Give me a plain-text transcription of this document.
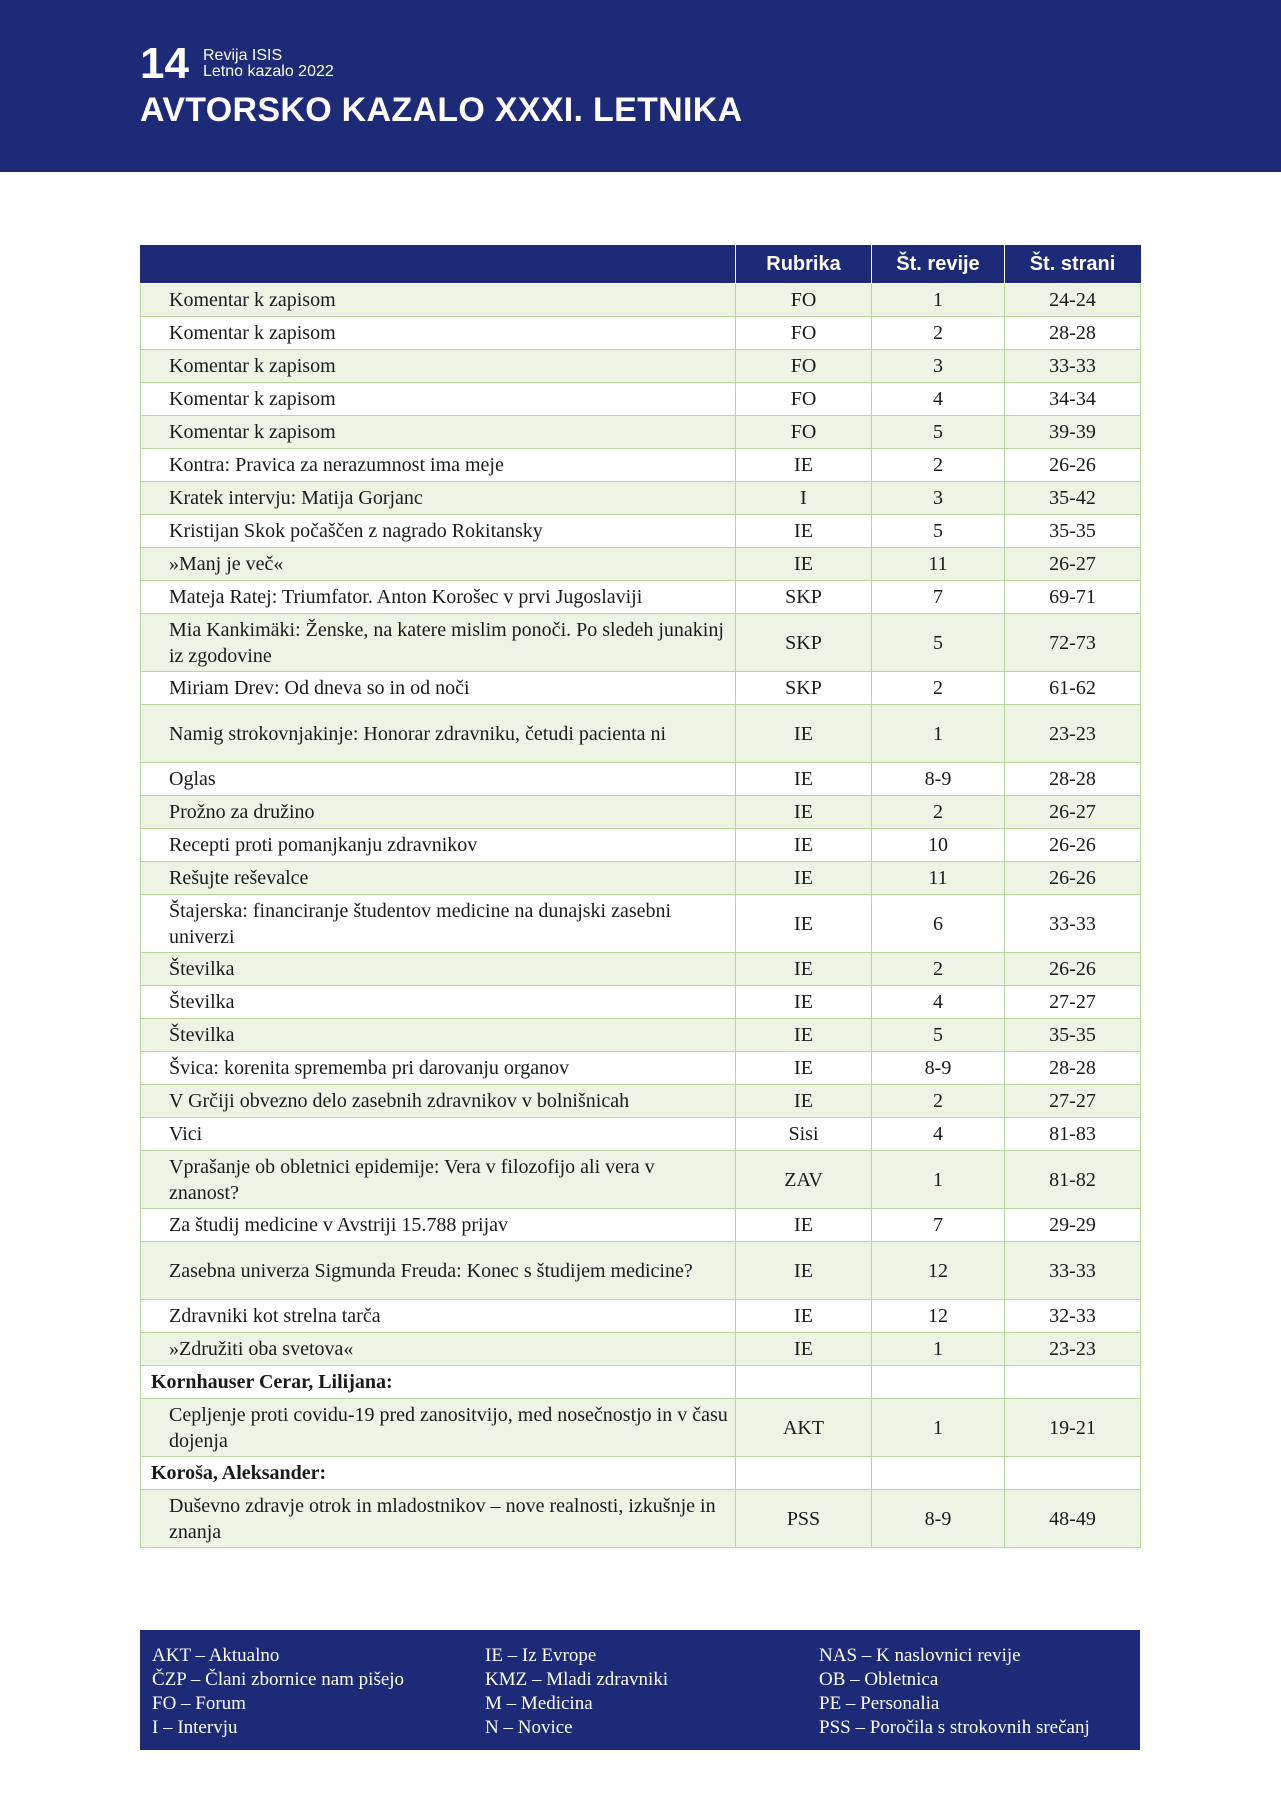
14 Revija ISIS
Letno kazalo 2022
AVTORSKO KAZALO XXXI. LETNIKA
	Rubrika	Št. revije	Št. strani
Komentar k zapisom	FO	1	24-24
Komentar k zapisom	FO	2	28-28
Komentar k zapisom	FO	3	33-33
Komentar k zapisom	FO	4	34-34
Komentar k zapisom	FO	5	39-39
Kontra: Pravica za nerazumnost ima meje	IE	2	26-26
Kratek intervju: Matija Gorjanc	I	3	35-42
Kristijan Skok počaščen z nagrado Rokitansky	IE	5	35-35
»Manj je več«	IE	11	26-27
Mateja Ratej: Triumfator. Anton Korošec v prvi Jugoslaviji	SKP	7	69-71
Mia Kankimäki: Ženske, na katere mislim ponoči. Po sledeh junakinj iz zgodovine	SKP	5	72-73
Miriam Drev: Od dneva so in od noči	SKP	2	61-62
Namig strokovnjakinje: Honorar zdravniku, četudi pacienta ni	IE	1	23-23
Oglas	IE	8-9	28-28
Prožno za družino	IE	2	26-27
Recepti proti pomanjkanju zdravnikov	IE	10	26-26
Rešujte reševalce	IE	11	26-26
Štajerska: financiranje študentov medicine na dunajski zasebni univerzi	IE	6	33-33
Številka	IE	2	26-26
Številka	IE	4	27-27
Številka	IE	5	35-35
Švica: korenita sprememba pri darovanju organov	IE	8-9	28-28
V Grčiji obvezno delo zasebnih zdravnikov v bolnišnicah	IE	2	27-27
Vici	Sisi	4	81-83
Vprašanje ob obletnici epidemije: Vera v filozofijo ali vera v znanost?	ZAV	1	81-82
Za študij medicine v Avstriji 15.788 prijav	IE	7	29-29
Zasebna univerza Sigmunda Freuda: Konec s študijem medicine?	IE	12	33-33
Zdravniki kot strelna tarča	IE	12	32-33
»Združiti oba svetova«	IE	1	23-23
Kornhauser Cerar, Lilijana:			
Cepljenje proti covidu-19 pred zanositvijo, med nosečnostjo in v času dojenja	AKT	1	19-21
Koroša, Aleksander:			
Duševno zdravje otrok in mladostnikov – nove realnosti, izkušnje in znanja	PSS	8-9	48-49
AKT – Aktualno
ČZP – Člani zbornice nam pišejo
FO – Forum
I – Intervju
IE – Iz Evrope
KMZ – Mladi zdravniki
M – Medicina
N – Novice
NAS – K naslovnici revije
OB – Obletnica
PE – Personalia
PSS – Poročila s strokovnih srečanj
